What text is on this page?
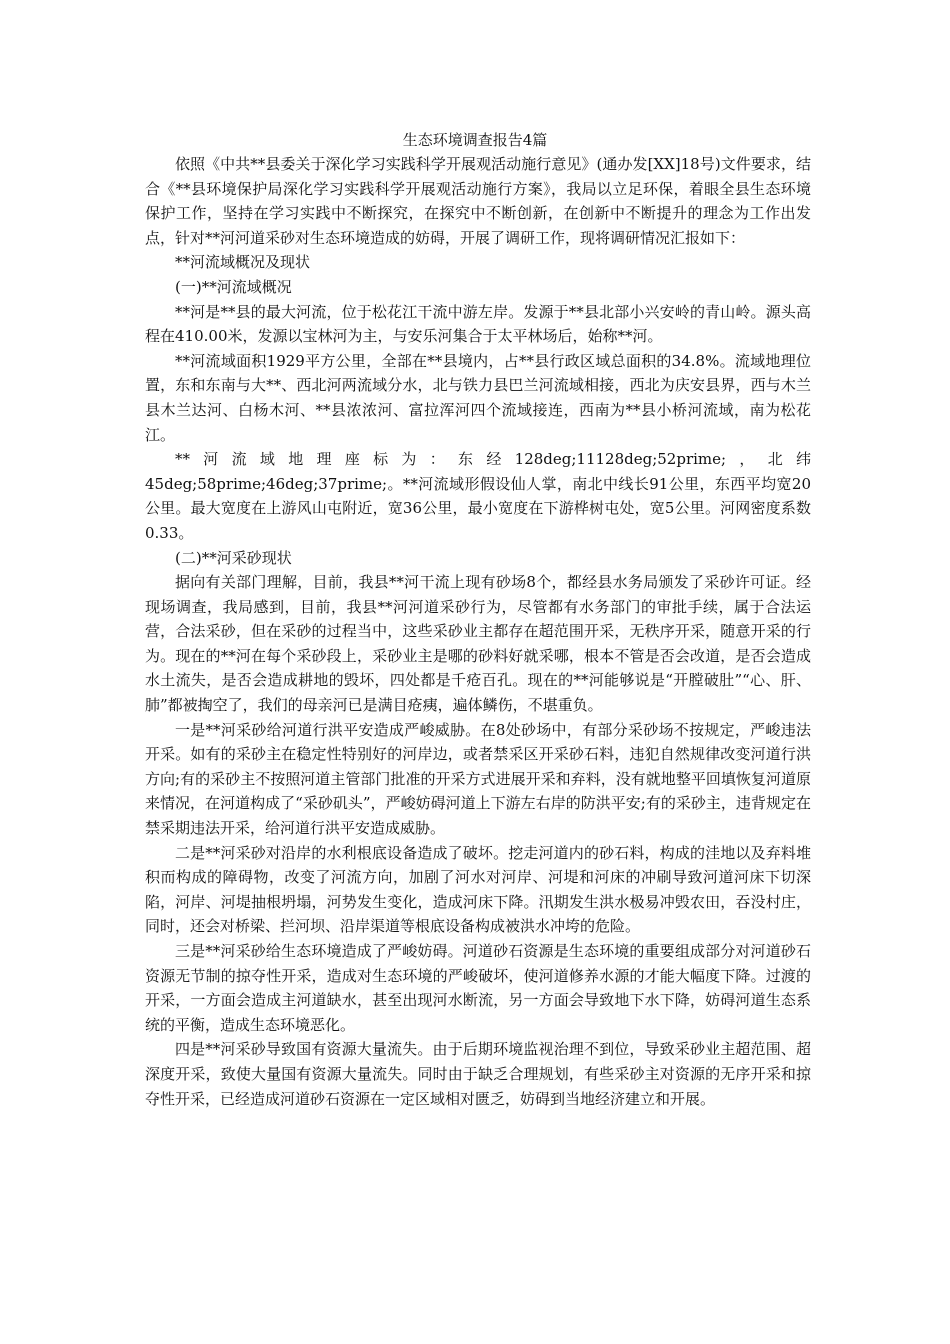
生态环境调查报告4篇

依照《中共**县委关于深化学习实践科学开展观活动施行意见》(通办发[XX]18号)文件要求，结合《**县环境保护局深化学习实践科学开展观活动施行方案》，我局以立足环保，着眼全县生态环境保护工作，坚持在学习实践中不断探究，在探究中不断创新，在创新中不断提升的理念为工作出发点，针对**河河道采砂对生态环境造成的妨碍，开展了调研工作，现将调研情况汇报如下：

**河流域概况及现状

(一)**河流域概况

**河是**县的最大河流，位于松花江干流中游左岸。发源于**县北部小兴安岭的青山岭。源头高程在410.00米，发源以宝林河为主，与安乐河集合于太平林场后，始称**河。

**河流域面积1929平方公里，全部在**县境内，占**县行政区域总面积的34.8%。流域地理位置，东和东南与大**、西北河两流域分水，北与铁力县巴兰河流域相接，西北为庆安县界，西与木兰县木兰达河、白杨木河、**县浓浓河、富拉浑河四个流域接连，西南为**县小桥河流域，南为松花江。

**河流域地理座标为：东经128deg;11128deg;52prime;，北纬45deg;58prime;46deg;37prime;。**河流域形假设仙人掌，南北中线长91公里，东西平均宽20公里。最大宽度在上游风山屯附近，宽36公里，最小宽度在下游桦树屯处，宽5公里。河网密度系数0.33。

(二)**河采砂现状

据向有关部门理解，目前，我县**河干流上现有砂场8个，都经县水务局颁发了采砂许可证。经现场调查，我局感到，目前，我县**河河道采砂行为，尽管都有水务部门的审批手续，属于合法运营，合法采砂，但在采砂的过程当中，这些采砂业主都存在超范围开采，无秩序开采，随意开采的行为。现在的**河在每个采砂段上，采砂业主是哪的砂料好就采哪，根本不管是否会改道，是否会造成水土流失，是否会造成耕地的毁坏，四处都是千疮百孔。现在的**河能够说是“开膛破肚”“心、肝、肺”都被掏空了，我们的母亲河已是满目疮痍，遍体鳞伤，不堪重负。

一是**河采砂给河道行洪平安造成严峻威胁。在8处砂场中，有部分采砂场不按规定，严峻违法开采。如有的采砂主在稳定性特别好的河岸边，或者禁采区开采砂石料，违犯自然规律改变河道行洪方向;有的采砂主不按照河道主管部门批准的开采方式进展开采和弃料，没有就地整平回填恢复河道原来情况，在河道构成了“采砂矶头”，严峻妨碍河道上下游左右岸的防洪平安;有的采砂主，违背规定在禁采期违法开采，给河道行洪平安造成威胁。

二是**河采砂对沿岸的水利根底设备造成了破坏。挖走河道内的砂石料，构成的洼地以及弃料堆积而构成的障碍物，改变了河流方向，加剧了河水对河岸、河堤和河床的冲刷导致河道河床下切深陷，河岸、河堤抽根坍塌，河势发生变化，造成河床下降。汛期发生洪水极易冲毁农田，吞没村庄，同时，还会对桥梁、拦河坝、沿岸渠道等根底设备构成被洪水冲垮的危险。

三是**河采砂给生态环境造成了严峻妨碍。河道砂石资源是生态环境的重要组成部分对河道砂石资源无节制的掠夺性开采，造成对生态环境的严峻破坏，使河道修养水源的才能大幅度下降。过渡的开采，一方面会造成主河道缺水，甚至出现河水断流，另一方面会导致地下水下降，妨碍河道生态系统的平衡，造成生态环境恶化。

四是**河采砂导致国有资源大量流失。由于后期环境监视治理不到位，导致采砂业主超范围、超深度开采，致使大量国有资源大量流失。同时由于缺乏合理规划，有些采砂主对资源的无序开采和掠夺性开采，已经造成河道砂石资源在一定区域相对匮乏，妨碍到当地经济建立和开展。
